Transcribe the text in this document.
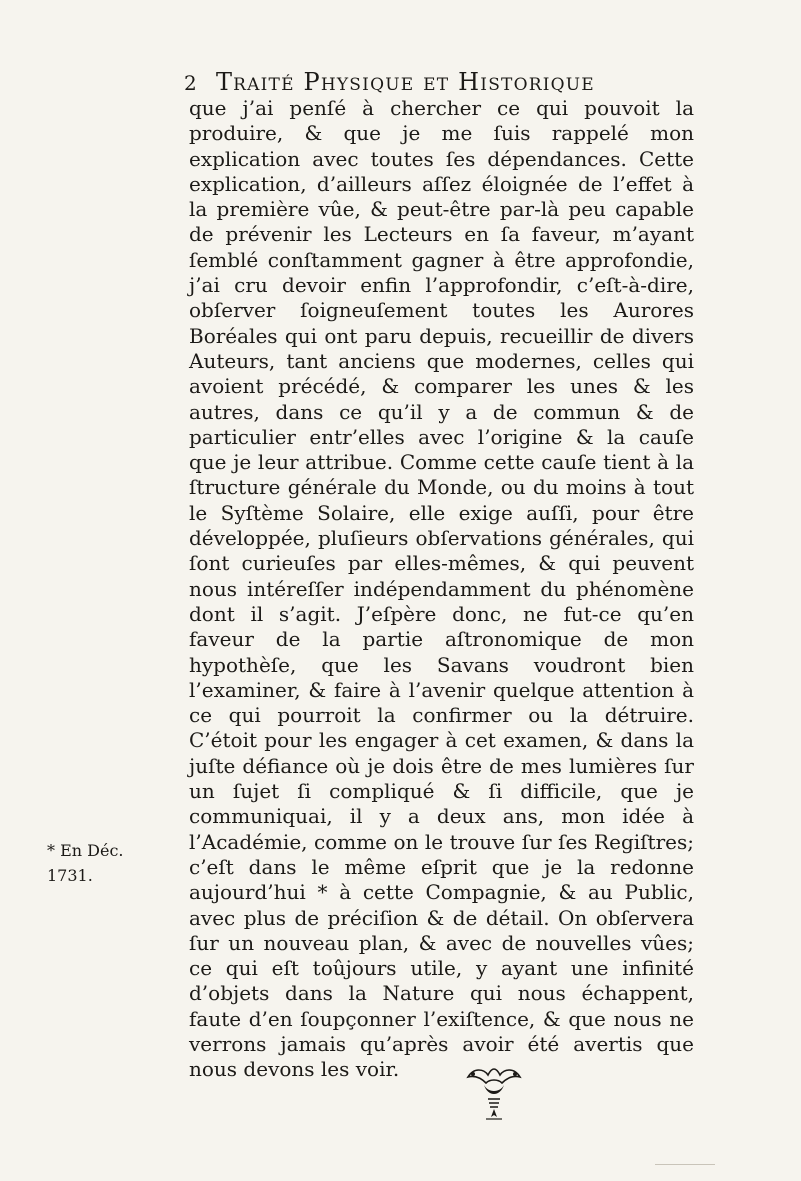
2 Traité Physique et Historique

que j’ai penſé à chercher ce qui pouvoit la produire, & que je me ſuis rappelé mon explication avec toutes ſes dépendances. Cette explication, d’ailleurs aſſez éloignée de l’effet à la première vûe, & peut-être par-là peu capable de prévenir les Lecteurs en ſa faveur, m’ayant ſemblé conſtamment gagner à être approfondie, j’ai cru devoir enfin l’approfondir, c’eſt-à-dire, obſerver ſoigneuſement toutes les Aurores Boréales qui ont paru depuis, recueillir de divers Auteurs, tant anciens que modernes, celles qui avoient précédé, & comparer les unes & les autres, dans ce qu’il y a de commun & de particulier entr’elles avec l’origine & la cauſe que je leur attribue. Comme cette cauſe tient à la ſtructure générale du Monde, ou du moins à tout le Syſtème Solaire, elle exige auſſi, pour être développée, pluſieurs obſervations générales, qui ſont curieuſes par elles-mêmes, & qui peuvent nous intéreſſer indépendamment du phénomène dont il s’agit. J’eſpère donc, ne fut-ce qu’en faveur de la partie aſtronomique de mon hypothèſe, que les Savans voudront bien l’examiner, & faire à l’avenir quelque attention à ce qui pourroit la confirmer ou la détruire. C’étoit pour les engager à cet examen, & dans la juſte défiance où je dois être de mes lumières ſur un ſujet ſi compliqué & ſi difficile, que je communiquai, il y a deux ans, mon idée à l’Académie, comme on le trouve ſur ſes Regiſtres; c’eſt dans le même eſprit que je la redonne aujourd’hui * à cette Compagnie, & au Public, avec plus de préciſion & de détail. On obſervera ſur un nouveau plan, & avec de nouvelles vûes; ce qui eſt toûjours utile, y ayant une infinité d’objets dans la Nature qui nous échappent, faute d’en ſoupçonner l’exiſtence, & que nous ne verrons jamais qu’après avoir été avertis que nous devons les voir.

* En Déc.
1731.
